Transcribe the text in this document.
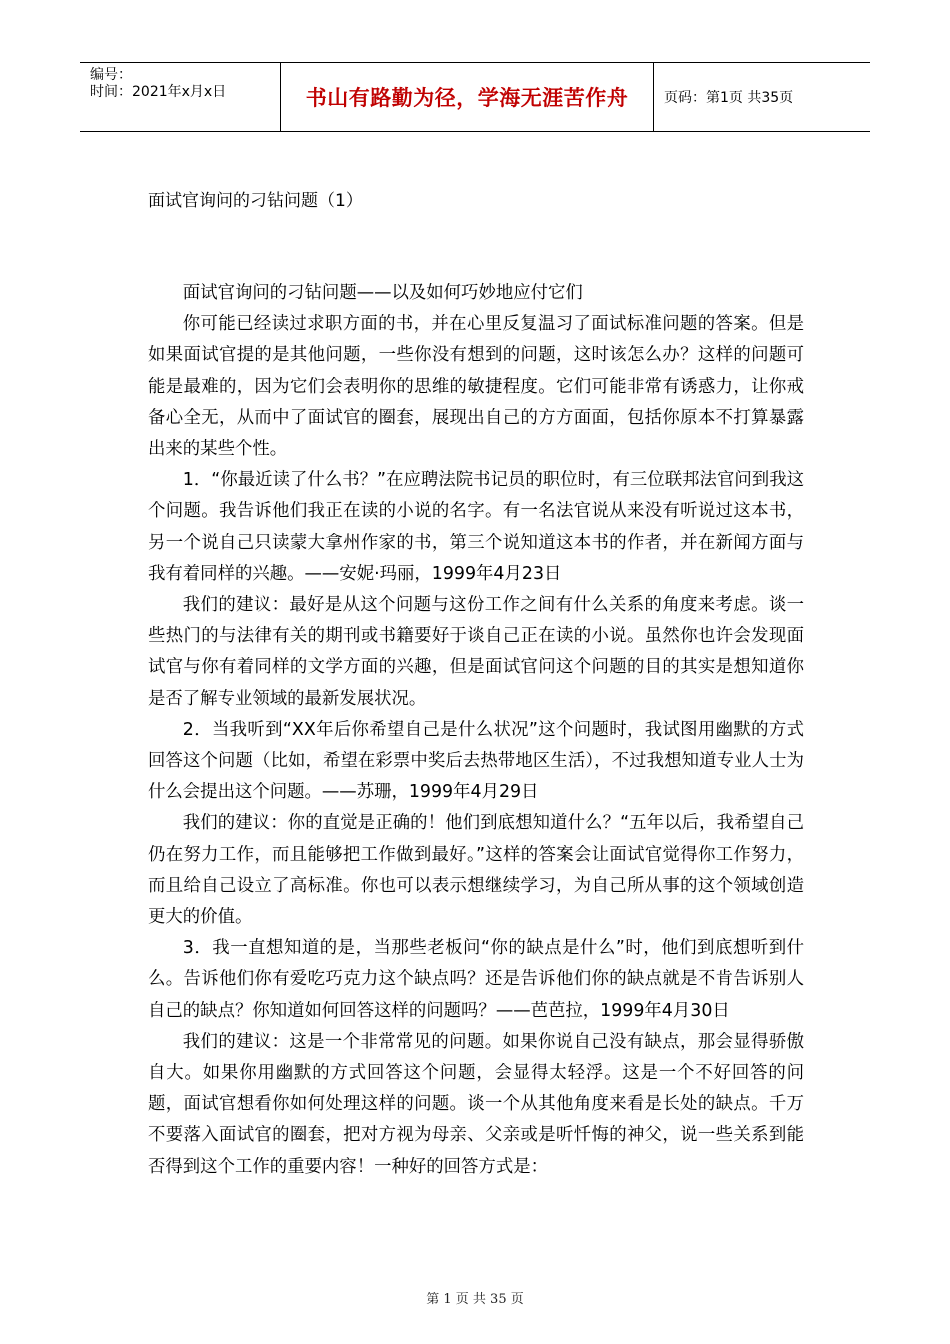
编号：
时间：2021年x月x日	书山有路勤为径，学海无涯苦作舟	页码：第1页 共35页
面试官询问的刁钻问题（1）

面试官询问的刁钻问题——以及如何巧妙地应付它们

你可能已经读过求职方面的书，并在心里反复温习了面试标准问题的答案。但是如果面试官提的是其他问题，一些你没有想到的问题，这时该怎么办？这样的问题可能是最难的，因为它们会表明你的思维的敏捷程度。它们可能非常有诱惑力，让你戒备心全无，从而中了面试官的圈套，展现出自己的方方面面，包括你原本不打算暴露出来的某些个性。

1．“你最近读了什么书？”在应聘法院书记员的职位时，有三位联邦法官问到我这个问题。我告诉他们我正在读的小说的名字。有一名法官说从来没有听说过这本书，另一个说自己只读蒙大拿州作家的书，第三个说知道这本书的作者，并在新闻方面与我有着同样的兴趣。——安妮·玛丽，1999年4月23日

我们的建议：最好是从这个问题与这份工作之间有什么关系的角度来考虑。谈一些热门的与法律有关的期刊或书籍要好于谈自己正在读的小说。虽然你也许会发现面试官与你有着同样的文学方面的兴趣，但是面试官问这个问题的目的其实是想知道你是否了解专业领域的最新发展状况。

2．当我听到“XX年后你希望自己是什么状况”这个问题时，我试图用幽默的方式回答这个问题（比如，希望在彩票中奖后去热带地区生活），不过我想知道专业人士为什么会提出这个问题。——苏珊，1999年4月29日

我们的建议：你的直觉是正确的！他们到底想知道什么？“五年以后，我希望自己仍在努力工作，而且能够把工作做到最好。”这样的答案会让面试官觉得你工作努力，而且给自己设立了高标准。你也可以表示想继续学习，为自己所从事的这个领域创造更大的价值。

3．我一直想知道的是，当那些老板问“你的缺点是什么”时，他们到底想听到什么。告诉他们你有爱吃巧克力这个缺点吗？还是告诉他们你的缺点就是不肯告诉别人自己的缺点？你知道如何回答这样的问题吗？——芭芭拉，1999年4月30日

我们的建议：这是一个非常常见的问题。如果你说自己没有缺点，那会显得骄傲自大。如果你用幽默的方式回答这个问题，会显得太轻浮。这是一个不好回答的问题，面试官想看你如何处理这样的问题。谈一个从其他角度来看是长处的缺点。千万不要落入面试官的圈套，把对方视为母亲、父亲或是听忏悔的神父，说一些关系到能否得到这个工作的重要内容！一种好的回答方式是：

第 1 页 共 35 页
